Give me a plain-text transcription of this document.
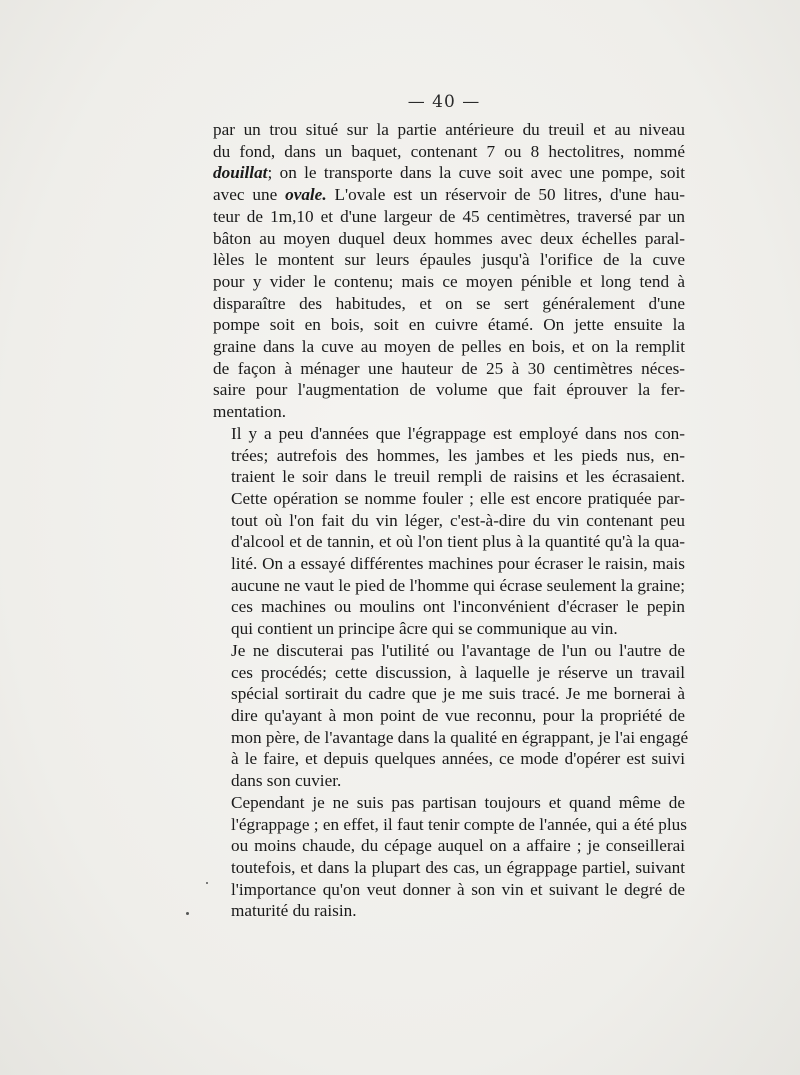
— 40 —

par un trou situé sur la partie antérieure du treuil et au niveau
du fond, dans un baquet, contenant 7 ou 8 hectolitres, nommé
douillat; on le transporte dans la cuve soit avec une pompe, soit
avec une ovale. L'ovale est un réservoir de 50 litres, d'une hau-
teur de 1m,10 et d'une largeur de 45 centimètres, traversé par un
bâton au moyen duquel deux hommes avec deux échelles paral-
lèles le montent sur leurs épaules jusqu'à l'orifice de la cuve
pour y vider le contenu; mais ce moyen pénible et long tend à
disparaître des habitudes, et on se sert généralement d'une
pompe soit en bois, soit en cuivre étamé. On jette ensuite la
graine dans la cuve au moyen de pelles en bois, et on la remplit
de façon à ménager une hauteur de 25 à 30 centimètres néces-
saire pour l'augmentation de volume que fait éprouver la fer-
mentation.

Il y a peu d'années que l'égrappage est employé dans nos con-
trées; autrefois des hommes, les jambes et les pieds nus, en-
traient le soir dans le treuil rempli de raisins et les écrasaient.
Cette opération se nomme fouler ; elle est encore pratiquée par-
tout où l'on fait du vin léger, c'est-à-dire du vin contenant peu
d'alcool et de tannin, et où l'on tient plus à la quantité qu'à la qua-
lité. On a essayé différentes machines pour écraser le raisin, mais
aucune ne vaut le pied de l'homme qui écrase seulement la graine;
ces machines ou moulins ont l'inconvénient d'écraser le pepin
qui contient un principe âcre qui se communique au vin.

Je ne discuterai pas l'utilité ou l'avantage de l'un ou l'autre de
ces procédés; cette discussion, à laquelle je réserve un travail
spécial sortirait du cadre que je me suis tracé. Je me bornerai à
dire qu'ayant à mon point de vue reconnu, pour la propriété de
mon père, de l'avantage dans la qualité en égrappant, je l'ai engagé
à le faire, et depuis quelques années, ce mode d'opérer est suivi
dans son cuvier.

Cependant je ne suis pas partisan toujours et quand même de
l'égrappage ; en effet, il faut tenir compte de l'année, qui a été plus
ou moins chaude, du cépage auquel on a affaire ; je conseillerai
toutefois, et dans la plupart des cas, un égrappage partiel, suivant
l'importance qu'on veut donner à son vin et suivant le degré de
maturité du raisin.
